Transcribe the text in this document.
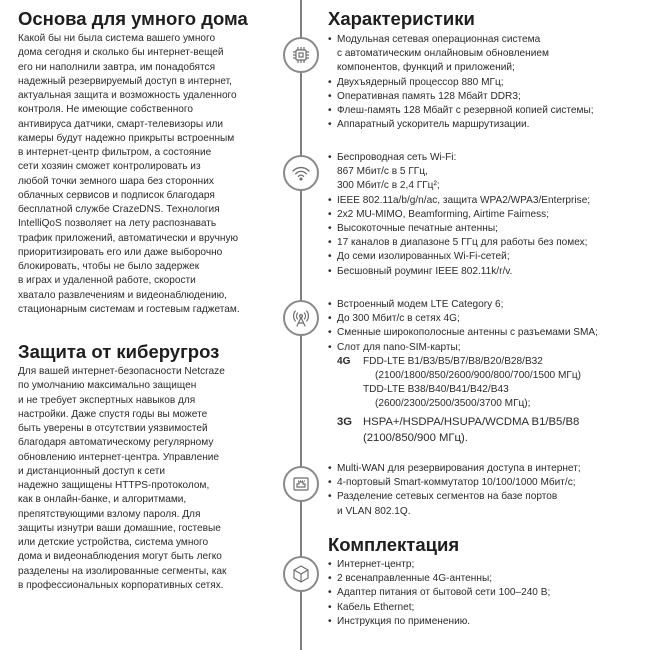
Основа для умного дома

Какой бы ни была система вашего умного
дома сегодня и сколько бы интернет-вещей
его ни наполнили завтра, им понадобятся
надежный резервируемый доступ в интернет,
актуальная защита и возможность удаленного
контроля. Не имеющие собственного
антивируса датчики, смарт-телевизоры или
камеры будут надежно прикрыты встроенным
в интернет-центр фильтром, а состояние
сети хозяин сможет контролировать из
любой точки земного шара без сторонних
облачных сервисов и подписок благодаря
бесплатной службе CrazeDNS. Технология
IntelliQoS позволяет на лету распознавать
трафик приложений, автоматически и вручную
приоритизировать его или даже выборочно
блокировать, чтобы не было задержек
в играх и удаленной работе, скорости
хватало развлечениям и видеонаблюдению,
стационарным системам и гостевым гаджетам.

Защита от киберугроз

Для вашей интернет-безопасности Netcraze
по умолчанию максимально защищен
и не требует экспертных навыков для
настройки. Даже спустя годы вы можете
быть уверены в отсутствии уязвимостей
благодаря автоматическому регулярному
обновлению интернет-центра. Управление
и дистанционный доступ к сети
надежно защищены HTTPS-протоколом,
как в онлайн-банке, и алгоритмами,
препятствующими взлому пароля. Для
защиты изнутри ваши домашние, гостевые
или детские устройства, система умного
дома и видеонаблюдения могут быть легко
разделены на изолированные сегменты, как
в профессиональных корпоративных сетях.

Характеристики
• Модульная сетевая операционная система
с автоматическим онлайновым обновлением
компонентов, функций и приложений;
• Двухъядерный процессор 880 МГц;
• Оперативная память 128 Мбайт DDR3;
• Флеш-память 128 Мбайт с резервной копией системы;
• Аппаратный ускоритель маршрутизации.
• Беспроводная сеть Wi-Fi:
867 Мбит/с в 5 ГГц,
300 Мбит/с в 2,4 ГГц²;
• IEEE 802.11a/b/g/n/ac, защита WPA2/WPA3/Enterprise;
• 2x2 MU-MIMO, Beamforming, Airtime Fairness;
• Высокоточные печатные антенны;
• 17 каналов в диапазоне 5 ГГц для работы без помех;
• До семи изолированных Wi-Fi-сетей;
• Бесшовный роуминг IEEE 802.11k/r/v.
• Встроенный модем LTE Category 6;
• До 300 Мбит/с в сетях 4G;
• Сменные широкополосные антенны с разъемами SMA;
• Слот для nano-SIM-карты;
4G	FDD-LTE B1/B3/B5/B7/B8/B20/B28/B32
(2100/1800/850/2600/900/800/700/1500 МГц)
TDD-LTE B38/B40/B41/B42/B43
(2600/2300/2500/3500/3700 МГц);
3G HSPA+/HSDPA/HSUPA/WCDMA B1/B5/B8
(2100/850/900 МГц).
• Multi-WAN для резервирования доступа в интернет;
• 4-портовый Smart-коммутатор 10/100/1000 Мбит/с;
• Разделение сетевых сегментов на базе портов
и VLAN 802.1Q.
Комплектация
• Интернет-центр;
• 2 всенаправленные 4G-антенны;
• Адаптер питания от бытовой сети 100–240 В;
• Кабель Ethernet;
• Инструкция по применению.
